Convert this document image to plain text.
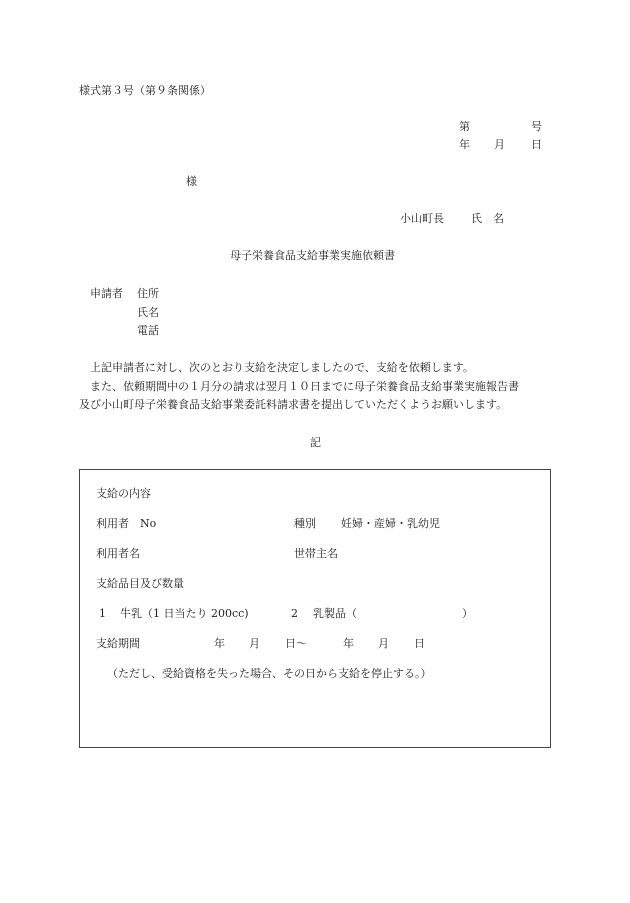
様式第３号（第９条関係）
第	号
年 月 日
様
小山町長 氏　名
母子栄養食品支給事業実施依頼書
申請者 住所
氏名
電話
上記申請者に対し、次のとおり支給を決定しましたので、支給を依頼します。
また、依頼期間中の１月分の請求は翌月１０日までに母子栄養食品支給事業実施報告書
及び小山町母子栄養食品支給事業委託料請求書を提出していただくようお願いします。
記
支給の内容
利用者　No	種別 妊婦・産婦・乳幼児
利用者名	世帯主名
支給品目及び数量
1 牛乳（1 日当たり 200cc)	2 乳製品（	）
支給期間	年 月 日〜	年 月 日
（ただし、受給資格を失った場合、その日から支給を停止する。）
